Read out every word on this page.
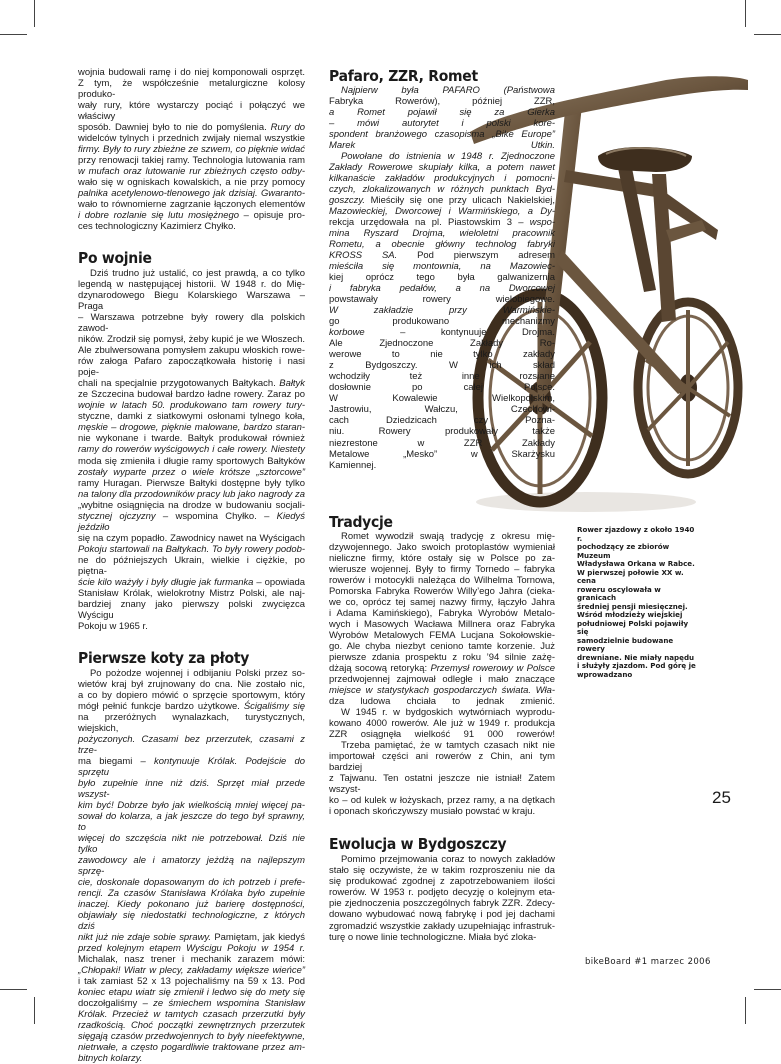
wojnia budowali ramę i do niej komponowali osprzęt.
Z tym, że współcześnie metalurgiczne kolosy produko-
wały rury, które wystarczy pociąć i połączyć we właściwy
sposób. Dawniej było to nie do pomyślenia. Rury do
widelców tylnych i przednich zwijały niemal wszystkie
firmy. Były to rury zbieżne ze szwem, co pięknie widać
przy renowacji takiej ramy. Technologia lutowania ram
w mufach oraz lutowanie rur zbieżnych często odby-
wało się w ogniskach kowalskich, a nie przy pomocy
palnika acetylenowo-tlenowego jak dzisiaj. Gwaranto-
wało to równomierne zagrzanie łączonych elementów
i dobre rozlanie się lutu mosiężnego – opisuje pro-
ces technologiczny Kazimierz Chyłko.
Po wojnie
Dziś trudno już ustalić, co jest prawdą, a co tylko
legendą w następującej historii. W 1948 r. do Mię-
dzynarodowego Biegu Kolarskiego Warszawa – Praga
– Warszawa potrzebne były rowery dla polskich zawod-
ników. Zrodził się pomysł, żeby kupić je we Włoszech.
Ale zbulwersowana pomysłem zakupu włoskich rowe-
rów załoga Pafaro zapoczątkowała historię i nasi poje-
chali na specjalnie przygotowanych Bałtykach. Bałtyk
ze Szczecina budował bardzo ładne rowery. Zaraz po
wojnie w latach 50. produkowano tam rowery tury-
styczne, damki z siatkowymi osłonami tylnego koła,
męskie – drogowe, pięknie malowane, bardzo staran-
nie wykonane i twarde. Bałtyk produkował również
ramy do rowerów wyścigowych i całe rowery. Niestety
moda się zmieniła i długie ramy sportowych Bałtyków
zostały wyparte przez o wiele krótsze „sztorcowe”
ramy Huragan. Pierwsze Bałtyki dostępne były tylko
na talony dla przodowników pracy lub jako nagrody za
„wybitne osiągnięcia na drodze w budowaniu socjali-
stycznej ojczyzny – wspomina Chyłko. – Kiedyś jeździło
się na czym popadło. Zawodnicy nawet na Wyścigach
Pokoju startowali na Bałtykach. To były rowery podob-
ne do późniejszych Ukrain, wielkie i ciężkie, po piętna-
ście kilo ważyły i były długie jak furmanka – opowiada
Stanisław Królak, wielokrotny Mistrz Polski, ale naj-
bardziej znany jako pierwszy polski zwycięzca Wyścigu
Pokoju w 1965 r.
Pierwsze koty za płoty
Po pożodze wojennej i odbijaniu Polski przez so-
wietów kraj był zrujnowany do cna. Nie zostało nic,
a co by dopiero mówić o sprzęcie sportowym, który
mógł pełnić funkcje bardzo użytkowe. Ścigaliśmy się
na przeróżnych wynalazkach, turystycznych, wiejskich,
pożyczonych. Czasami bez przerzutek, czasami z trze-
ma biegami – kontynuuje Królak. Podejście do sprzętu
było zupełnie inne niż dziś. Sprzęt miał przede wszyst-
kim być! Dobrze było jak wielkością mniej więcej pa-
sował do kolarza, a jak jeszcze do tego był sprawny, to
więcej do szczęścia nikt nie potrzebował. Dziś nie tylko
zawodowcy ale i amatorzy jeżdżą na najlepszym sprzę-
cie, doskonale dopasowanym do ich potrzeb i prefe-
rencji. Za czasów Stanisława Królaka było zupełnie
inaczej. Kiedy pokonano już barierę dostępności,
objawiały się niedostatki technologiczne, z których dziś
nikt już nie zdaje sobie sprawy. Pamiętam, jak kiedyś
przed kolejnym etapem Wyścigu Pokoju w 1954 r.
Michalak, nasz trener i mechanik zarazem mówi:
„Chłopaki! Wiatr w plecy, zakładamy większe wieńce”
i tak zamiast 52 x 13 pojechaliśmy na 59 x 13. Pod
koniec etapu wiatr się zmienił i ledwo się do mety się
doczołgaliśmy – ze śmiechem wspomina Stanisław
Królak. Przecież w tamtych czasach przerzutki były
rzadkością. Choć początki zewnętrznych przerzutek
sięgają czasów przedwojennych to były nieefektywne,
nietrwałe, a często pogardliwie traktowane przez am-
bitnych kolarzy.
Pafaro, ZZR, Romet
Najpierw była PAFARO (Państwowa
Fabryka Rowerów), później ZZR,
a Romet pojawił się za Gierka
– mówi autorytet i polski kore-
spondent branżowego czasopisma „Bike Europe”
Marek Utkin.
Powołane do istnienia w 1948 r. Zjednoczone
Zakłady Rowerowe skupiały kilka, a potem nawet
kilkanaście zakładów produkcyjnych i pomocni-
czych, zlokalizowanych w różnych punktach Byd-
goszczy. Mieściły się one przy ulicach Nakielskiej,
Mazowieckiej, Dworcowej i Warmińskiego, a Dy-
rekcja urzędowała na pl. Piastowskim 3 – wspo-
mina Ryszard Drojma, wieloletni pracownik
Rometu, a obecnie główny technolog fabryki
KROSS SA. Pod pierwszym adresem
mieściła się montownia, na Mazowiec-
kiej oprócz tego była galwanizernia
i fabryka pedałów, a na Dworcowej
powstawały rowery wielobiegowe.
W zakładzie przy Warmińskie-
go produkowano mechanizmy
korbowe – kontynuuje Drojma.
Ale Zjednoczone Zakłady Ro-
werowe to nie tylko zakłady
z Bydgoszczy. W ich skład
wchodziły też inne rozsiane
dosłownie po całej Polsce.
W Kowalewie Wielkopolskim,
Jastrowiu, Wałczu, Czechowi-
cach Dziedzicach czy Pozna-
niu. Rowery produkowały także
niezrestone w ZZR Zakłady
Metalowe „Mesko” w Skarżysku
Kamiennej.
Tradycje
Romet wywodził swają tradycję z okresu mię-
dzywojennego. Jako swoich protoplastów wymieniał
nieliczne firmy, które ostały się w Polsce po za-
wierusze wojennej. Były to firmy Tornedo – fabryka
rowerów i motocykli należąca do Wilhelma Tornowa,
Pomorska Fabryka Rowerów Willy’ego Jahra (cieka-
we co, oprócz tej samej nazwy firmy, łączyło Jahra
i Adama Kamińskiego), Fabryka Wyrobów Metalo-
wych i Masowych Wacława Millnera oraz Fabryka
Wyrobów Metalowych FEMA Lucjana Sokołowskie-
go. Ale chyba niezbyt ceniono tamte korzenie. Już
pierwsze zdania prospektu z roku ’94 silnie zażę-
dżają socową retoryką: Przemysł rowerowy w Polsce
przedwojennej zajmował odległe i mało znaczące
miejsce w statystykach gospodarczych świata. Wła-
dza ludowa chciała to jednak zmienić.
W 1945 r. w bydgoskich wytwórniach wyprodu-
kowano 4000 rowerów. Ale już w 1949 r. produkcja
ZZR osiągnęła wielkość 91 000 rowerów!
Trzeba pamiętać, że w tamtych czasach nikt nie
importował części ani rowerów z Chin, ani tym bardziej
z Tajwanu. Ten ostatni jeszcze nie istniał! Zatem wszyst-
ko – od kulek w łożyskach, przez ramy, a na dętkach
i oponach skończywszy musiało powstać w kraju.
Ewolucja w Bydgoszczy
Pomimo przejmowania coraz to nowych zakładów
stało się oczywiste, że w takim rozproszeniu nie da
się produkować zgodnej z zapotrzebowaniem ilości
rowerów. W 1953 r. podjęto decyzję o kolejnym eta-
pie zjednoczenia poszczególnych fabryk ZZR. Zdecy-
dowano wybudować nową fabrykę i pod jej dachami
zgromadzić wszystkie zakłady uzupełniając infrastruk-
turę o nowe linie technologiczne. Miała być zloka-
Rower zjazdowy z około 1940 r.
pochodzący ze zbiorów Muzeum
Władysława Orkana w Rabce.
W pierwszej połowie XX w. cena
roweru oscylowała w granicach
średniej pensji miesięcznej.
Wśród młodzieży wiejskiej
południowej Polski pojawiły się
samodzielnie budowane rowery
drewniane. Nie miały napędu
i służyły zjazdom. Pod górę je
wprowadzano
25
bikeBoard #1 marzec 2006
